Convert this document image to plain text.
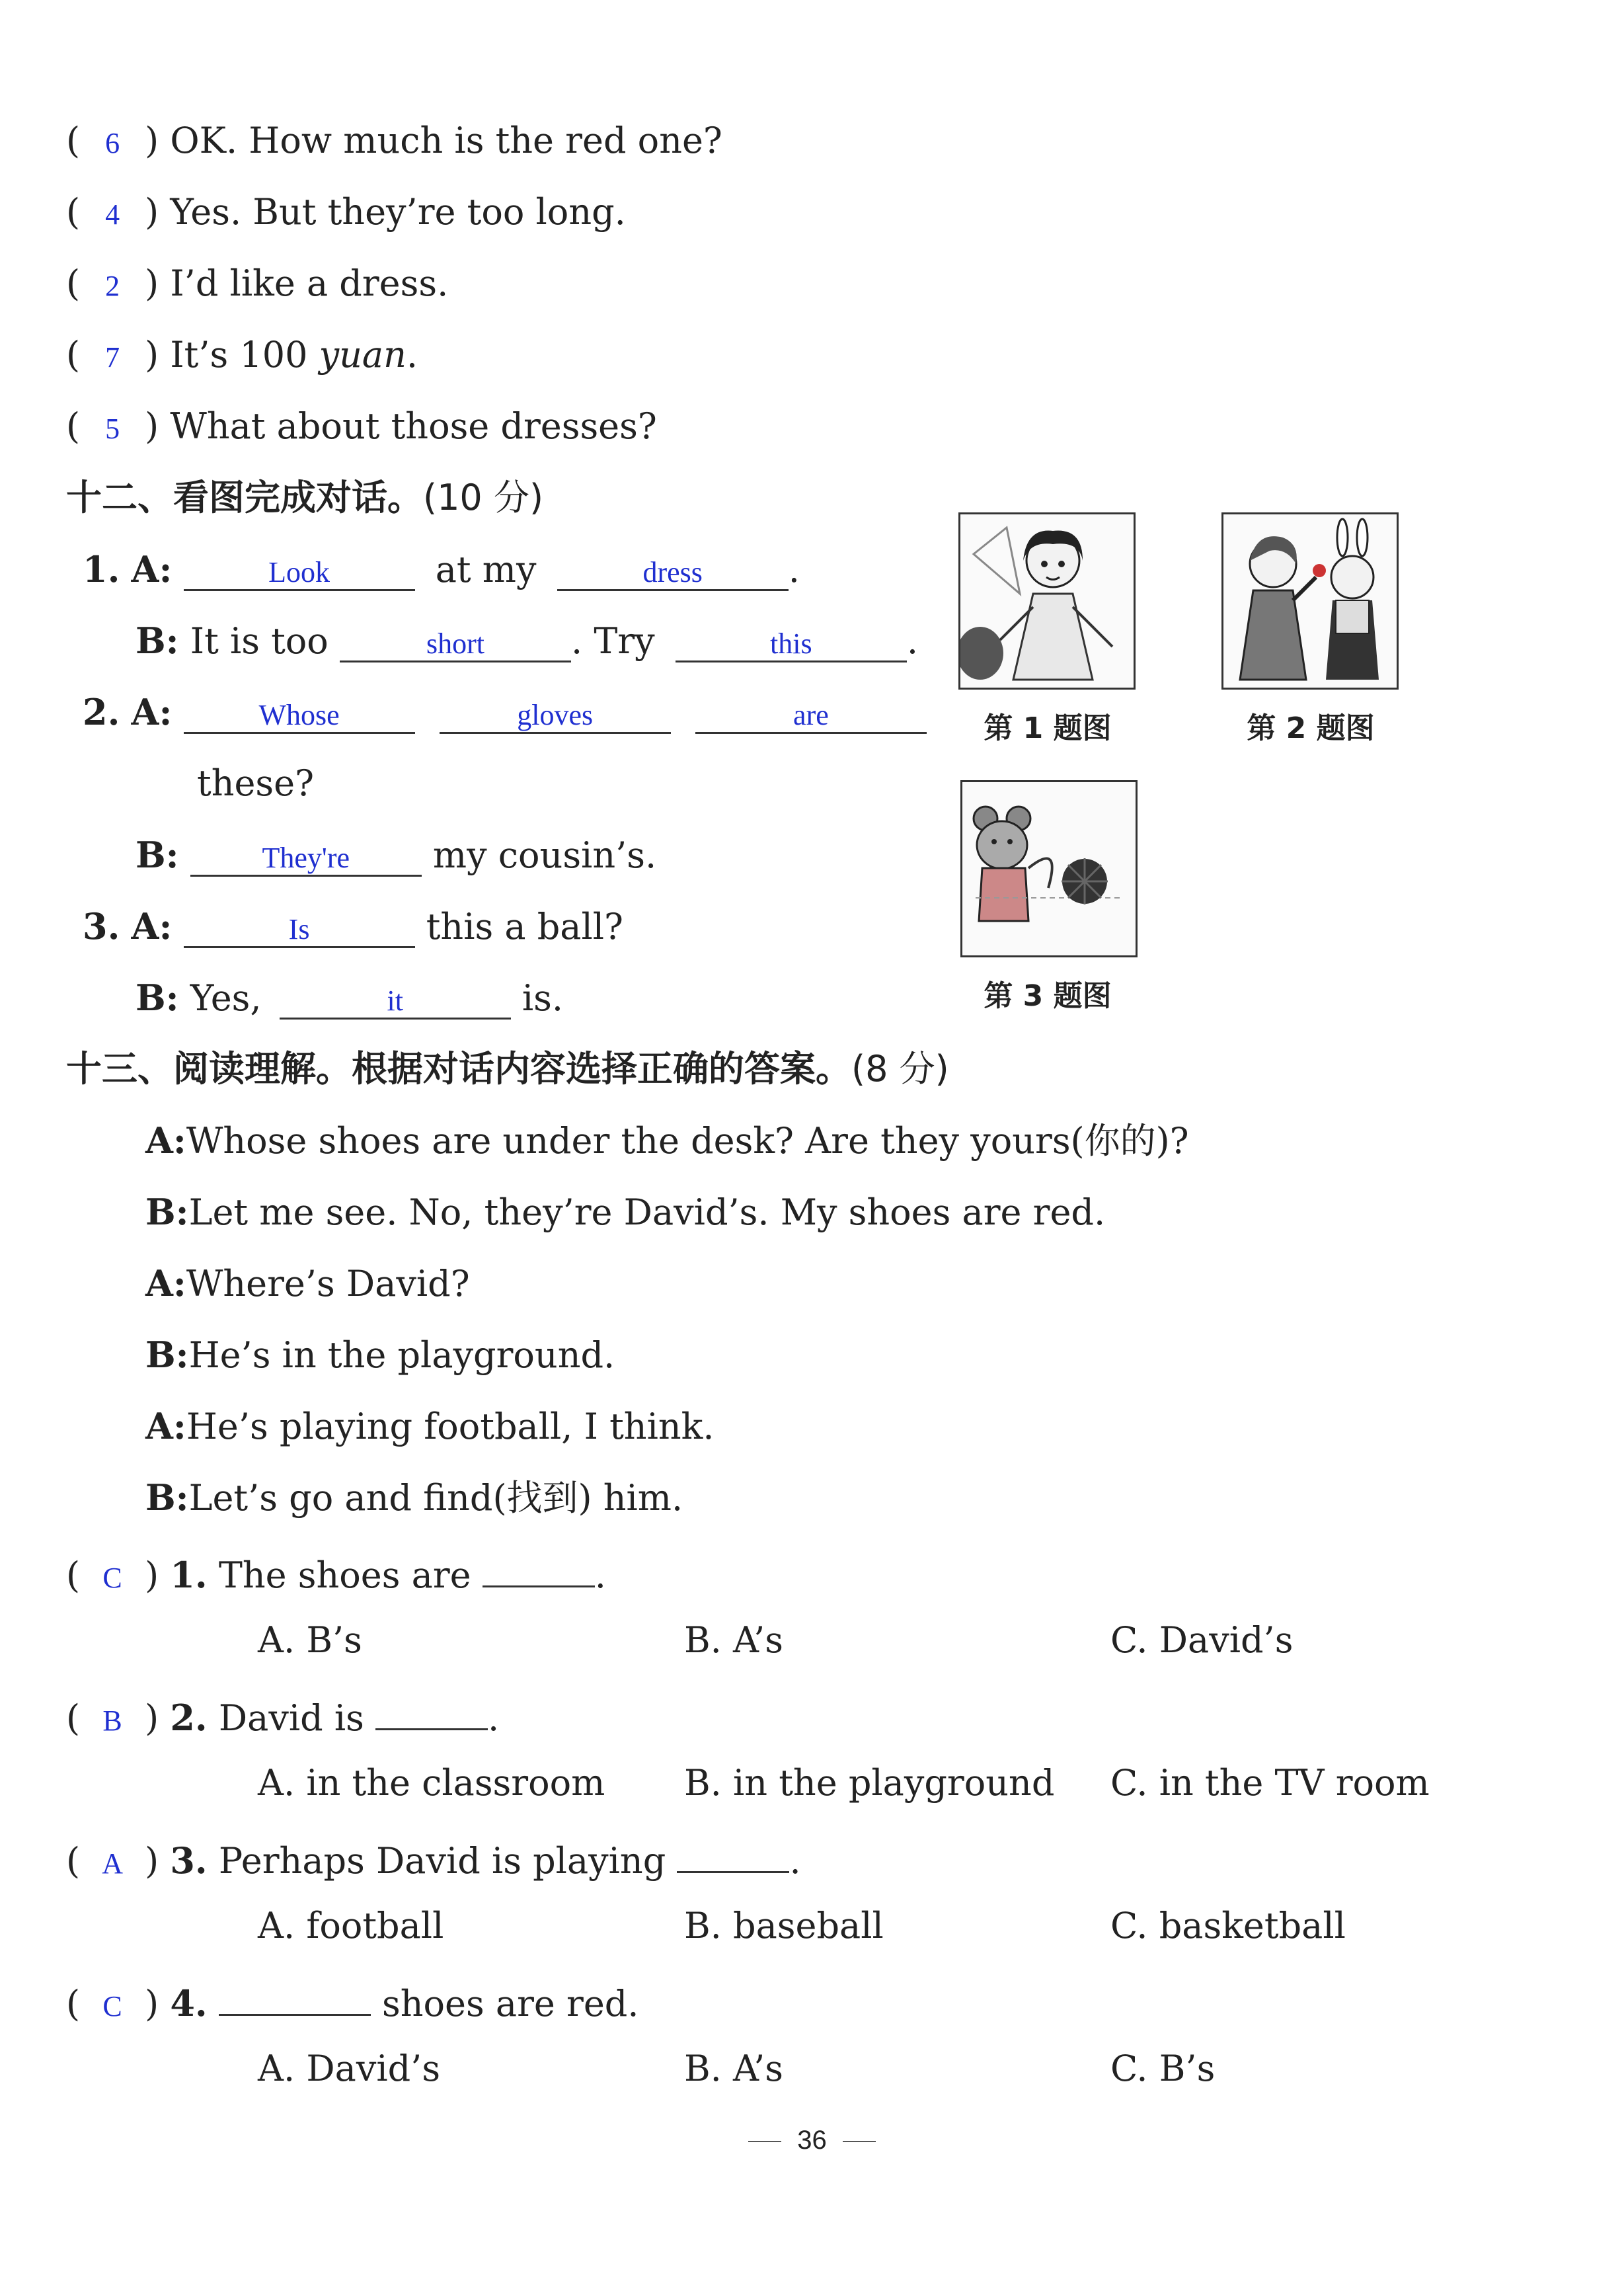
( 6 ) OK. How much is the red one?
( 4 ) Yes. But they’re too long.
( 2 ) I’d like a dress.
( 7 ) It’s 100 yuan.
( 5 ) What about those dresses?
十二、看图完成对话。(10 分)
1. A:	Look	at my	dress .
B: It is too	short . Try	this	.
2. A:	Whose	gloves	are
these?
B:	They're my cousin’s.
3. A:	Is	this a ball?
B: Yes,	it	is.
第 1 题图	第 2 题图
第 3 题图
十三、阅读理解。根据对话内容选择正确的答案。(8 分)
A:Whose shoes are under the desk? Are they yours(你的)?
B:Let me see. No, they’re David’s. My shoes are red.
A:Where’s David?
B:He’s in the playground.
A:He’s playing football, I think.
B:Let’s go and find(找到) him.
( C ) 1. The shoes are	.
A. B’s	B. A’s	C. David’s
( B ) 2. David is	.
A. in the classroom B. in the playground C. in the TV room
( A ) 3. Perhaps David is playing	.
A. football	B. baseball	C. basketball
( C ) 4.	shoes are red.
A. David’s	B. A’s	C. B’s
36
